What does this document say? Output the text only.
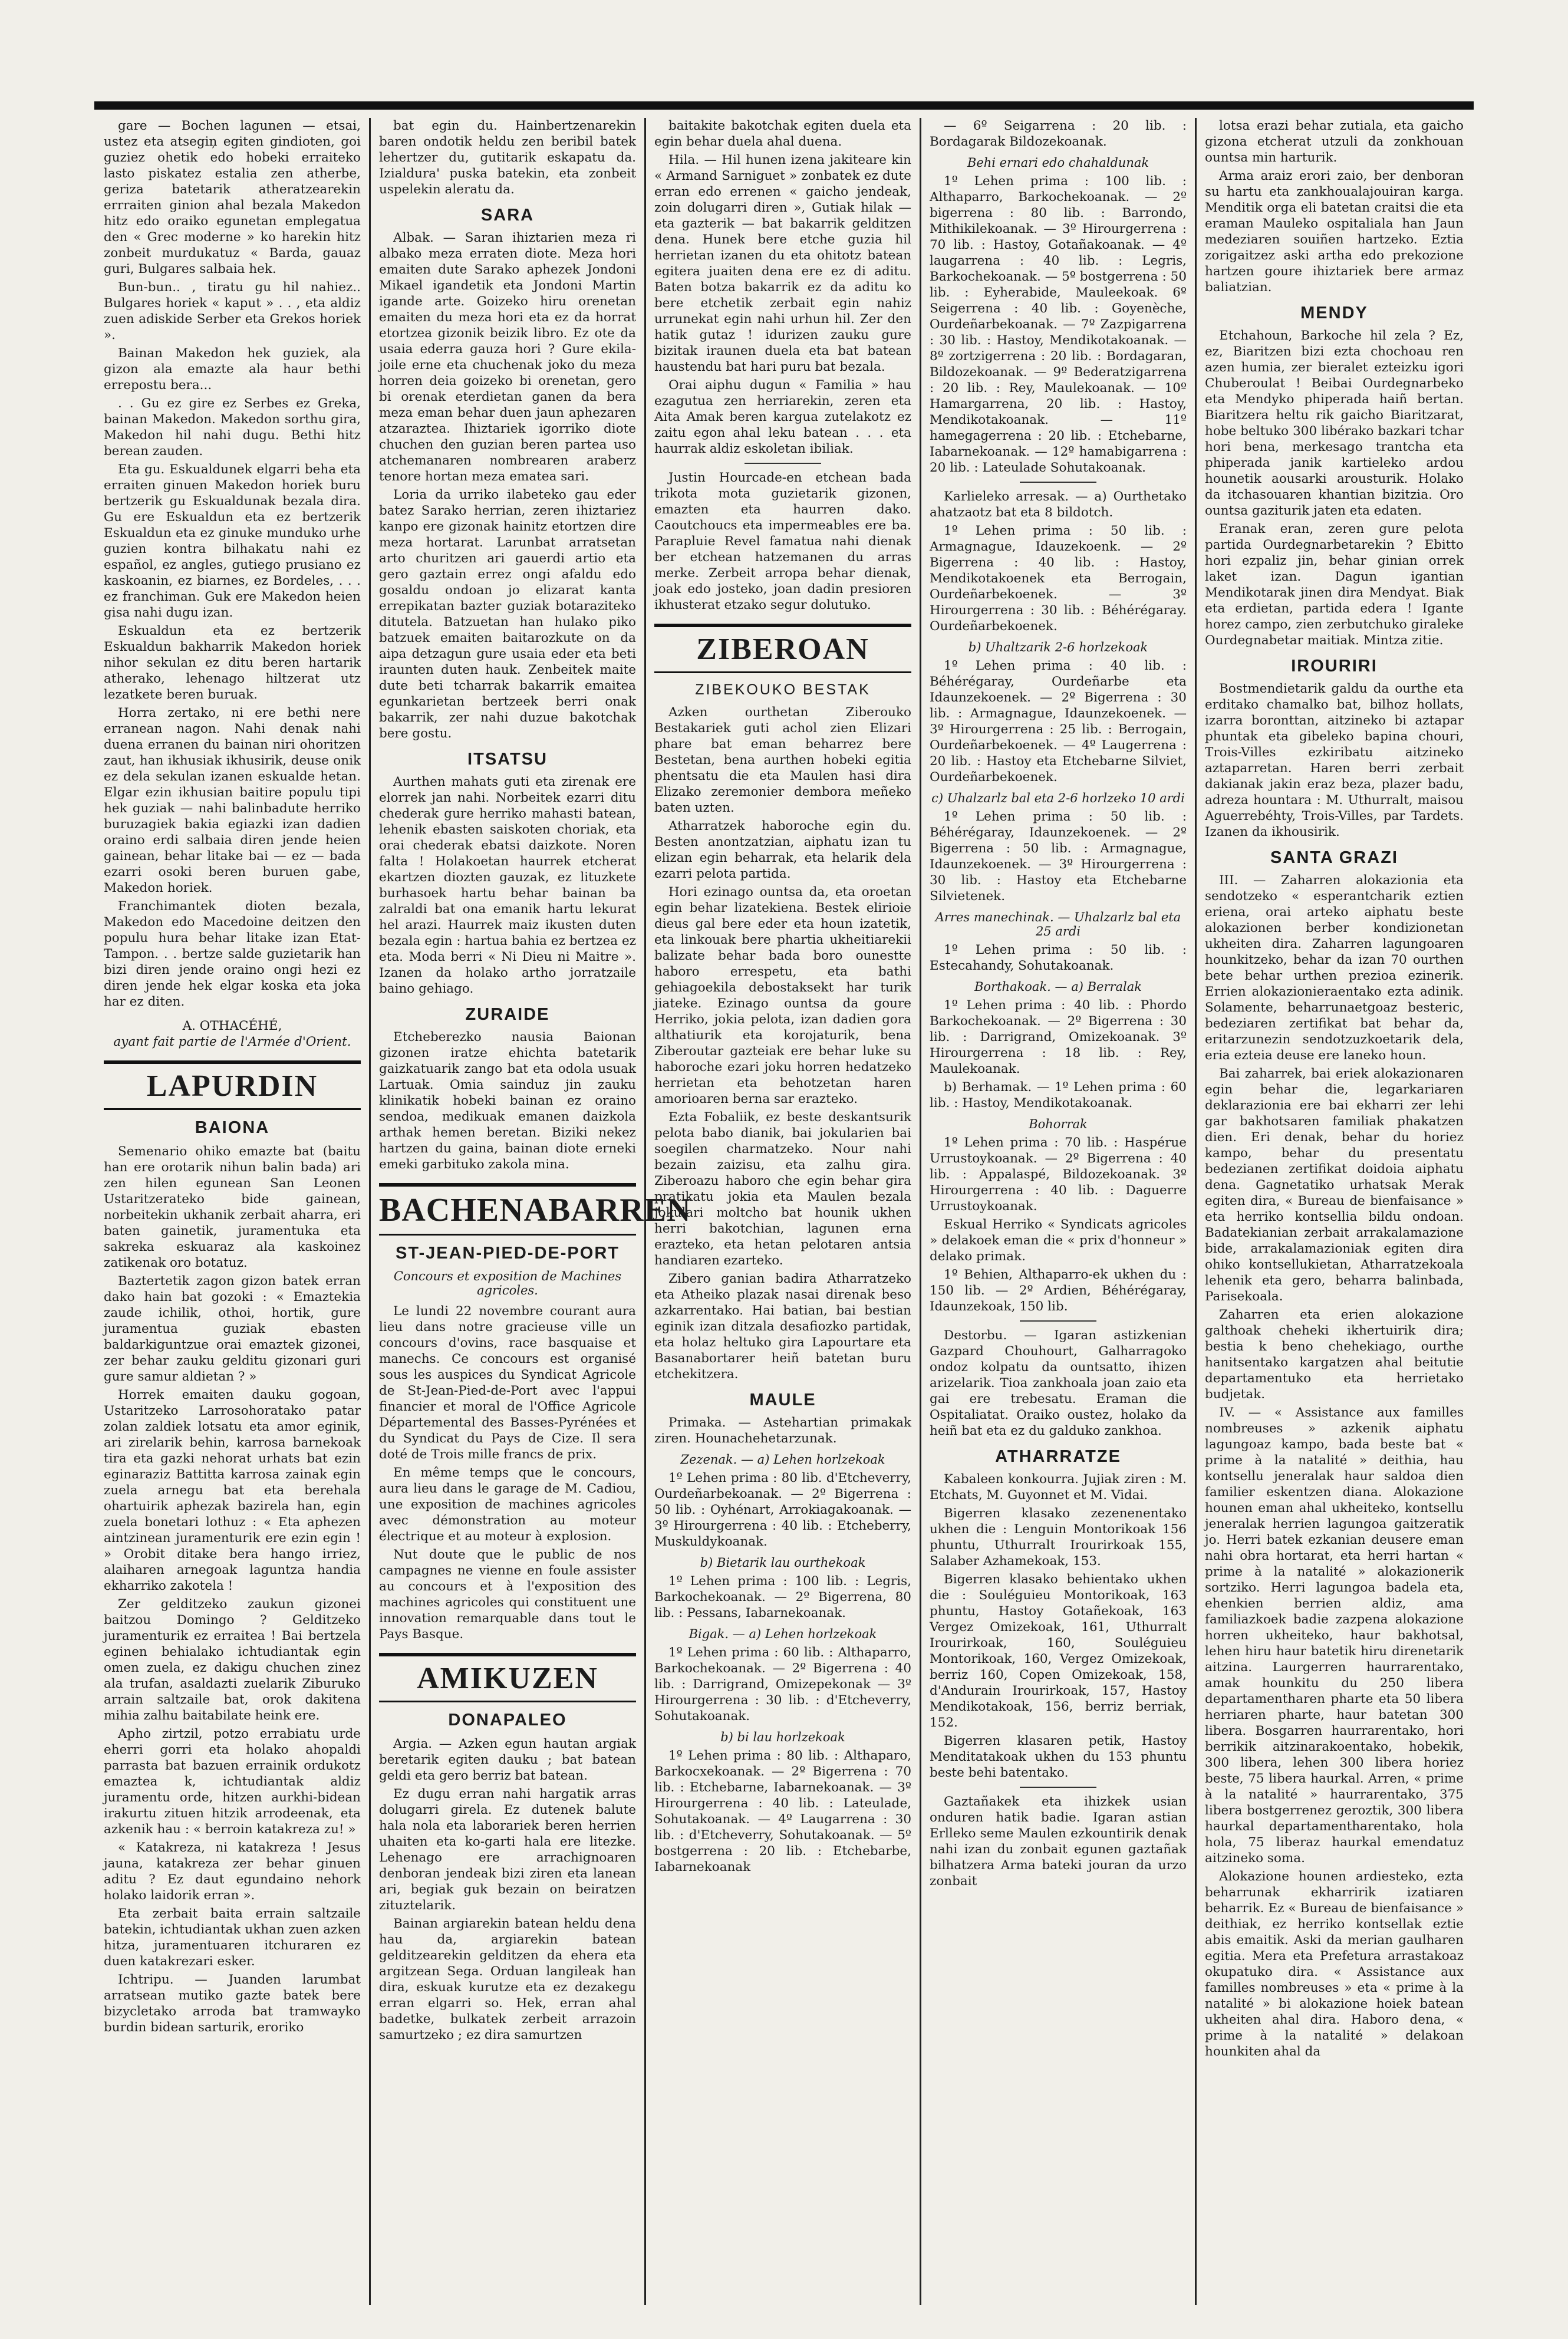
gare — Bochen lagunen — etsai, ustez eta atsegiņ egiten gindioten, goi guziez ohetik edo hobeki erraiteko lasto piskatez estalia zen atherbe, geriza batetarik atheratzearekin errraiten ginion ahal bezala Makedon hitz edo oraiko egunetan emplegatua den « Grec moderne » ko harekin hitz zonbeit murdukatuz « Barda, gauaz guri, Bulgares salbaia hek.

Bun-bun.. , tiratu gu hil nahiez.. Bulgares horiek « kaput » . . , eta aldiz zuen adiskide Serber eta Grekos horiek ».

Bainan Makedon hek guziek, ala gizon ala emazte ala haur bethi errepostu bera...

. . Gu ez gire ez Serbes ez Greka, bainan Makedon. Makedon sorthu gira, Makedon hil nahi dugu. Bethi hitz berean zauden.

Eta gu. Eskualdunek elgarri beha eta erraiten ginuen Makedon horiek buru bertzerik gu Eskualdunak bezala dira. Gu ere Eskualdun eta ez bertzerik Eskualdun eta ez ginuke munduko urhe guzien kontra bilhakatu nahi ez español, ez angles, gutiego prusiano ez kaskoanin, ez biarnes, ez Bordeles, . . . ez franchiman. Guk ere Makedon heien gisa nahi dugu izan.

Eskualdun eta ez bertzerik Eskualdun bakharrik Makedon horiek nihor sekulan ez ditu beren hartarik atherako, lehenago hiltzerat utz lezatkete beren buruak.

Horra zertako, ni ere bethi nere erranean nagon. Nahi denak nahi duena erranen du bainan niri ohoritzen zaut, han ikhusiak ikhusirik, deuse onik ez dela sekulan izanen eskualde hetan. Elgar ezin ikhusian baitire populu tipi hek guziak — nahi balinbadute herriko buruzagiek bakia egiazki izan dadien oraino erdi salbaia diren jende heien gainean, behar litake bai — ez — bada ezarri osoki beren buruen gabe, Makedon horiek.

Franchimantek dioten bezala, Makedon edo Macedoine deitzen den populu hura behar litake izan Etat-Tampon. . . bertze salde guzietarik han bizi diren jende oraino ongi hezi ez diren jende hek elgar koska eta joka har ez diten.

A. OTHACÉHÉ,

ayant fait partie de l'Armée d'Orient.

LAPURDIN
BAIONA

Semenario ohiko emazte bat (baitu han ere orotarik nihun balin bada) ari zen hilen egunean San Leonen Ustaritzerateko bide gainean, norbeitekin ukhanik zerbait aharra, eri baten gainetik, juramentuka eta sakreka eskuaraz ala kaskoinez zatikenak oro botatuz.

Baztertetik zagon gizon batek erran dako hain bat gozoki : « Emaztekia zaude ichilik, othoi, hortik, gure juramentua guziak ebasten baldarkiguntzue orai emaztek gizonei, zer behar zauku gelditu gizonari guri gure samur aldietan ? »

Horrek emaiten dauku gogoan, Ustaritzeko Larrosohoratako patar zolan zaldiek lotsatu eta amor eginik, ari zirelarik behin, karrosa barnekoak tira eta gazki nehorat urhats bat ezin eginaraziz Battitta karrosa zainak egin zuela arnegu bat eta berehala ohartuirik aphezak bazirela han, egin zuela bonetari lothuz : « Eta aphezen aintzinean juramenturik ere ezin egin ! » Orobit ditake bera hango irriez, alaiharen arnegoak laguntza handia ekharriko zakotela !

Zer gelditzeko zaukun gizonei baitzou Domingo ? Gelditzeko juramenturik ez erraitea ! Bai bertzela eginen behialako ichtudiantak egin omen zuela, ez dakigu chuchen zinez ala trufan, asaldazti zuelarik Ziburuko arrain saltzaile bat, orok dakitena mihia zalhu baitabilate heink ere.

Apho zirtzil, potzo errabiatu urde eherri gorri eta holako ahopaldi parrasta bat bazuen errainik ordukotz emaztea k, ichtudiantak aldiz juramentu orde, hitzen aurkhi-bidean irakurtu zituen hitzik arrodeenak, eta azkenik hau : « berroin katakreza zu! »

« Katakreza, ni katakreza ! Jesus jauna, katakreza zer behar ginuen aditu ? Ez daut egundaino nehork holako laidorik erran ».

Eta zerbait baita errain saltzaile batekin, ichtudiantak ukhan zuen azken hitza, juramentuaren itchuraren ez duen katakrezari esker.

Ichtripu. — Juanden larumbat arratsean mutiko gazte batek bere bizycletako arroda bat tramwayko burdin bidean sarturik, eroriko

bat egin du. Hainbertzenarekin baren ondotik heldu zen beribil batek lehertzer du, gutitarik eskapatu da. Izialdura' puska batekin, eta zonbeit uspelekin aleratu da.

SARA

Albak. — Saran ihiztarien meza ri albako meza erraten diote. Meza hori emaiten dute Sarako aphezek Jondoni Mikael igandetik eta Jondoni Martin igande arte. Goizeko hiru orenetan emaiten du meza hori eta ez da horrat etortzea gizonik beizik libro. Ez ote da usaia ederra gauza hori ? Gure ekila-joile erne eta chuchenak joko du meza horren deia goizeko bi orenetan, gero bi orenak eterdietan ganen da bera meza eman behar duen jaun aphezaren atzaraztea. Ihiztariek igorriko diote chuchen den guzian beren partea uso atchemanaren nombrearen araberz tenore hortan meza ematea sari.

Loria da urriko ilabeteko gau eder batez Sarako herrian, zeren ihiztariez kanpo ere gizonak hainitz etortzen dire meza hortarat. Larunbat arratsetan arto churitzen ari gauerdi artio eta gero gaztain errez ongi afaldu edo gosaldu ondoan jo elizarat kanta errepikatan bazter guziak botaraziteko ditutela. Batzuetan han hulako piko batzuek emaiten baitarozkute on da aipa detzagun gure usaia eder eta beti iraunten duten hauk. Zenbeitek maite dute beti tcharrak bakarrik emaitea egunkarietan bertzeek berri onak bakarrik, zer nahi duzue bakotchak bere gostu.

ITSATSU

Aurthen mahats guti eta zirenak ere elorrek jan nahi. Norbeitek ezarri ditu chederak gure herriko mahasti batean, lehenik ebasten saiskoten choriak, eta orai chederak ebatsi daizkote. Noren falta ! Holakoetan haurrek etcherat ekartzen diozten gauzak, ez lituzkete burhasoek hartu behar bainan ba zalraldi bat ona emanik hartu lekurat hel arazi. Haurrek maiz ikusten duten bezala egin : hartua bahia ez bertzea ez eta. Moda berri « Ni Dieu ni Maitre ». Izanen da holako artho jorratzaile baino gehiago.

ZURAIDE

Etcheberezko nausia Baionan gizonen iratze ehichta batetarik gaizkatuarik zango bat eta odola usuak Lartuak. Omia sainduz jin zauku klinikatik hobeki bainan ez oraino sendoa, medikuak emanen daizkola arthak hemen beretan. Biziki nekez hartzen du gaina, bainan diote erneki emeki garbituko zakola mina.

BACHENABARREN
ST-JEAN-PIED-DE-PORT
Concours et exposition de Machines agricoles.

Le lundi 22 novembre courant aura lieu dans notre gracieuse ville un concours d'ovins, race basquaise et manechs. Ce concours est organisé sous les auspices du Syndicat Agricole de St-Jean-Pied-de-Port avec l'appui financier et moral de l'Office Agricole Départemental des Basses-Pyrénées et du Syndicat du Pays de Cize. Il sera doté de Trois mille francs de prix.

En même temps que le concours, aura lieu dans le garage de M. Cadiou, une exposition de machines agricoles avec démonstration au moteur électrique et au moteur à explosion.

Nut doute que le public de nos campagnes ne vienne en foule assister au concours et à l'exposition des machines agricoles qui constituent une innovation remarquable dans tout le Pays Basque.

AMIKUZEN
DONAPALEO

Argia. — Azken egun hautan argiak beretarik egiten dauku ; bat batean geldi eta gero berriz bat batean.

Ez dugu erran nahi hargatik arras dolugarri girela. Ez dutenek balute hala nola eta laborariek beren herrien uhaiten eta ko-garti hala ere litezke. Lehenago ere arrachignoaren denboran jendeak bizi ziren eta lanean ari, begiak guk bezain on beiratzen zituztelarik.

Bainan argiarekin batean heldu dena hau da, argiarekin batean gelditzearekin gelditzen da ehera eta argitzean Sega. Orduan langileak han dira, eskuak kurutze eta ez dezakegu erran elgarri so. Hek, erran ahal badetke, bulkatek zerbeit arrazoin samurtzeko ; ez dira samurtzen

baitakite bakotchak egiten duela eta egin behar duela ahal duena.

Hila. — Hil hunen izena jakiteare kin « Armand Sarniguet » zonbatek ez dute erran edo errenen « gaicho jendeak, zoin dolugarri diren », Gutiak hilak — eta gazterik — bat bakarrik gelditzen dena. Hunek bere etche guzia hil herrietan izanen du eta ohitotz batean egitera juaiten dena ere ez di aditu. Baten botza bakarrik ez da aditu ko bere etchetik zerbait egin nahiz urrunekat egin nahi urhun hil. Zer den hatik gutaz ! idurizen zauku gure bizitak iraunen duela eta bat batean haustendu bat hari puru bat bezala.

Orai aiphu dugun « Familia » hau ezagutua zen herriarekin, zeren eta Aita Amak beren kargua zutelakotz ez zaitu egon ahal leku batean . . . eta haurrak aldiz eskoletan ibiliak.

Justin Hourcade-en etchean bada trikota mota guzietarik gizonen, emazten eta haurren dako. Caoutchoucs eta impermeables ere ba. Parapluie Revel famatua nahi dienak ber etchean hatzemanen du arras merke. Zerbeit arropa behar dienak, joak edo josteko, joan dadin presioren ikhusterat etzako segur dolutuko.

ZIBEROAN
ZIBEKOUKO BESTAK

Azken ourthetan Ziberouko Bestakariek guti achol zien Elizari phare bat eman beharrez bere Bestetan, bena aurthen hobeki egitia phentsatu die eta Maulen hasi dira Elizako zeremonier dembora meñeko baten uzten.

Atharratzek haboroche egin du. Besten anontzatzian, aiphatu izan tu elizan egin beharrak, eta helarik dela ezarri pelota partida.

Hori ezinago ountsa da, eta oroetan egin behar lizatekiena. Bestek elirioie dieus gal bere eder eta houn izatetik, eta linkouak bere phartia ukheitiarekii balizate behar bada boro ounestte haboro errespetu, eta bathi gehiagoekila debostaksekt har turik jiateke. Ezinago ountsa da goure Herriko, jokia pelota, izan dadien gora althatiurik eta korojaturik, bena Ziberoutar gazteiak ere behar luke su haboroche ezari joku horren hedatzeko herrietan eta behotzetan haren amorioaren berna sar erazteko.

Ezta Fobaliik, ez beste deskantsurik pelota babo dianik, bai jokularien bai soegilen charmatzeko. Nour nahi bezain zaizisu, eta zalhu gira. Ziberoazu haboro che egin behar gira pratikatu jokia eta Maulen bezala jokulari moltcho bat hounik ukhen herri bakotchian, lagunen erna erazteko, eta hetan pelotaren antsia handiaren ezarteko.

Zibero ganian badira Atharratzeko eta Atheiko plazak nasai direnak beso azkarrentako. Hai batian, bai bestian eginik izan ditzala desafiozko partidak, eta holaz heltuko gira Lapourtare eta Basanabortarer heiñ batetan buru etchekitzera.

MAULE

Primaka. — Astehartian primakak ziren. Hounachehetarzunak.

Zezenak. — a) Lehen horlzekoak

1º Lehen prima : 80 lib. d'Etcheverry, Ourdeñarbekoanak. — 2º Bigerrena : 50 lib. : Oyhénart, Arrokiagakoanak. — 3º Hirourgerrena : 40 lib. : Etcheberry, Muskuldykoanak.

b) Bietarik lau ourthekoak

1º Lehen prima : 100 lib. : Legris, Barkochekoanak. — 2º Bigerrena, 80 lib. : Pessans, Iabarnekoanak.

Bigak. — a) Lehen horlzekoak

1º Lehen prima : 60 lib. : Althaparro, Barkochekoanak. — 2º Bigerrena : 40 lib. : Darrigrand, Omizepekonak — 3º Hirourgerrena : 30 lib. : d'Etcheverry, Sohutakoanak.

b) bi lau horlzekoak

1º Lehen prima : 80 lib. : Althaparo, Barkocxekoanak. — 2º Bigerrena : 70 lib. : Etchebarne, Iabarnekoanak. — 3º Hirourgerrena : 40 lib. : Lateulade, Sohutakoanak. — 4º Laugarrena : 30 lib. : d'Etcheverry, Sohutakoanak. — 5º bostgerrena : 20 lib. : Etchebarbe, Iabarnekoanak

— 6º Seigarrena : 20 lib. : Bordagarak Bildozekoanak.

Behi ernari edo chahaldunak

1º Lehen prima : 100 lib. : Althaparro, Barkochekoanak. — 2º bigerrena : 80 lib. : Barrondo, Mithikilekoanak. — 3º Hirourgerrena : 70 lib. : Hastoy, Gotañakoanak. — 4º laugarrena : 40 lib. : Legris, Barkochekoanak. — 5º bostgerrena : 50 lib. : Eyherabide, Mauleekoak. 6º Seigerrena : 40 lib. : Goyenèche, Ourdeñarbekoanak. — 7º Zazpigarrena : 30 lib. : Hastoy, Mendikotakoanak. — 8º zortzigerrena : 20 lib. : Bordagaran, Bildozekoanak. — 9º Bederatzigarrena : 20 lib. : Rey, Maulekoanak. — 10º Hamargarrena, 20 lib. : Hastoy, Mendikotakoanak. — 11º hamegagerrena : 20 lib. : Etchebarne, Iabarnekoanak. — 12º hamabigarrena : 20 lib. : Lateulade Sohutakoanak.

Karlieleko arresak. — a) Ourthetako ahatzaotz bat eta 8 bildotch.

1º Lehen prima : 50 lib. : Armagnague, Idauzekoenk. — 2º Bigerrena : 40 lib. : Hastoy, Mendikotakoenek eta Berrogain, Ourdeñarbekoenek. — 3º Hirourgerrena : 30 lib. : Béhérégaray. Ourdeñarbekoenek.

b) Uhaltzarik 2-6 horlzekoak

1º Lehen prima : 40 lib. : Béhérégaray, Ourdeñarbe eta Idaunzekoenek. — 2º Bigerrena : 30 lib. : Armagnague, Idaunzekoenek. — 3º Hirourgerrena : 25 lib. : Berrogain, Ourdeñarbekoenek. — 4º Laugerrena : 20 lib. : Hastoy eta Etchebarne Silviet, Ourdeñarbekoenek.

c) Uhalzarlz bal eta 2-6 horlzeko 10 ardi

1º Lehen prima : 50 lib. : Béhérégaray, Idaunzekoenek. — 2º Bigerrena : 50 lib. : Armagnague, Idaunzekoenek. — 3º Hirourgerrena : 30 lib. : Hastoy eta Etchebarne Silvietenek.

Arres manechinak. — Uhalzarlz bal eta 25 ardi

1º Lehen prima : 50 lib. : Estecahandy, Sohutakoanak.

Borthakoak. — a) Berralak

1º Lehen prima : 40 lib. : Phordo Barkochekoanak. — 2º Bigerrena : 30 lib. : Darrigrand, Omizekoanak. 3º Hirourgerrena : 18 lib. : Rey, Maulekoanak.

b) Berhamak. — 1º Lehen prima : 60 lib. : Hastoy, Mendikotakoanak.

Bohorrak

1º Lehen prima : 70 lib. : Haspérue Urrustoykoanak. — 2º Bigerrena : 40 lib. : Appalaspé, Bildozekoanak. 3º Hirourgerrena : 40 lib. : Daguerre Urrustoykoanak.

Eskual Herriko « Syndicats agricoles » delakoek eman die « prix d'honneur » delako primak.

1º Behien, Althaparro-ek ukhen du : 150 lib. — 2º Ardien, Béhérégaray, Idaunzekoak, 150 lib.

Destorbu. — Igaran astizkenian Gazpard Chouhourt, Galharragoko ondoz kolpatu da ountsatto, ihizen arizelarik. Tioa zankhoala joan zaio eta gai ere trebesatu. Eraman die Ospitaliatat. Oraiko oustez, holako da heiñ bat eta ez du galduko zankhoa.

ATHARRATZE

Kabaleen konkourra. Jujiak ziren : M. Etchats, M. Guyonnet et M. Vidai.

Bigerren klasako zezenenentako ukhen die : Lenguin Montorikoak 156 phuntu, Uthurralt Irourirkoak 155, Salaber Azhamekoak, 153.

Bigerren klasako behientako ukhen die : Souléguieu Montorikoak, 163 phuntu, Hastoy Gotañekoak, 163 Vergez Omizekoak, 161, Uthurralt Irourirkoak, 160, Souléguieu Montorikoak, 160, Vergez Omizekoak, berriz 160, Copen Omizekoak, 158, d'Andurain Irourirkoak, 157, Hastoy Mendikotakoak, 156, berriz berriak, 152.

Bigerren klasaren petik, Hastoy Menditatakoak ukhen du 153 phuntu beste behi batentako.

Gaztañakek eta ihizkek usian onduren hatik badie. Igaran astian Erlleko seme Maulen ezkountirik denak nahi izan du zonbait egunen gaztañak bilhatzera Arma bateki jouran da urzo zonbait

lotsa erazi behar zutiala, eta gaicho gizona etcherat utzuli da zonkhouan ountsa min harturik.

Arma araiz erori zaio, ber denboran su hartu eta zankhoualajouiran karga. Menditik orga eli batetan craitsi die eta eraman Mauleko ospitaliala han Jaun medeziaren souiñen hartzeko. Eztia zorigaitzez aski artha edo prekozione hartzen goure ihiztariek bere armaz baliatzian.

MENDY

Etchahoun, Barkoche hil zela ? Ez, ez, Biaritzen bizi ezta chochoau ren azen humia, zer bieralet ezteizku igori Chuberoulat ! Beibai Ourdegnarbeko eta Mendyko phiperada haiñ bertan. Biaritzera heltu rik gaicho Biaritzarat, hobe beltuko 300 libérako bazkari tchar hori bena, merkesago trantcha eta phiperada janik kartieleko ardou hounetik aousarki arousturik. Holako da itchasouaren khantian bizitzia. Oro ountsa gaziturik jaten eta edaten.

Eranak eran, zeren gure pelota partida Ourdegnarbetarekin ? Ebitto hori ezpaliz jin, behar ginian orrek laket izan. Dagun igantian Mendikotarak jinen dira Mendyat. Biak eta erdietan, partida edera ! Igante horez campo, zien zerbutchuko giraleke Ourdegnabetar maitiak. Mintza zitie.

IROURIRI

Bostmendietarik galdu da ourthe eta erditako chamalko bat, bilhoz hollats, izarra boronttan, aitzineko bi aztapar phuntak eta gibeleko bapina chouri, Trois-Villes ezkiribatu aitzineko aztaparretan. Haren berri zerbait dakianak jakin eraz beza, plazer badu, adreza hountara : M. Uthurralt, maisou Aguerrebéhty, Trois-Villes, par Tardets. Izanen da ikhousirik.

SANTA GRAZI

III. — Zaharren alokazionia eta sendotzeko « esperantcharik eztien eriena, orai arteko aiphatu beste alokazionen berber kondizionetan ukheiten dira. Zaharren lagungoaren hounkitzeko, behar da izan 70 ourthen bete behar urthen prezioa ezinerik. Errien alokazionieraentako ezta adinik. Solamente, beharrunaetgoaz besteric, bedeziaren zertifikat bat behar da, eritarzunezin sendotzuzkoetarik dela, eria ezteia deuse ere laneko houn.

Bai zaharrek, bai eriek alokazionaren egin behar die, legarkariaren deklarazionia ere bai ekharri zer lehi gar bakhotsaren familiak phakatzen dien. Eri denak, behar du horiez kampo, behar du presentatu bedezianen zertifikat doidoia aiphatu dena. Gagnetatiko urhatsak Merak egiten dira, « Bureau de bienfaisance » eta herriko kontsellia bildu ondoan. Badatekianian zerbait arrakalamazione bide, arrakalamazioniak egiten dira ohiko kontsellukietan, Atharratzekoala lehenik eta gero, beharra balinbada, Parisekoala.

Zaharren eta erien alokazione galthoak cheheki ikhertuirik dira; bestia k beno chehekiago, ourthe hanitsentako kargatzen ahal beitutie departamentuko eta herrietako budjetak.

IV. — « Assistance aux familles nombreuses » azkenik aiphatu lagungoaz kampo, bada beste bat « prime à la natalité » deithia, hau kontsellu jeneralak haur saldoa dien familier eskentzen diana. Alokazione hounen eman ahal ukheiteko, kontsellu jeneralak herrien lagungoa gaitzeratik jo. Herri batek ezkanian deusere eman nahi obra hortarat, eta herri hartan « prime à la natalité » alokazionerik sortziko. Herri lagungoa badela eta, ehenkien berrien aldiz, ama familiazkoek badie zazpena alokazione horren ukheiteko, haur bakhotsal, lehen hiru haur batetik hiru direnetarik aitzina. Laurgerren haurrarentako, amak hounkitu du 250 libera departamentharen pharte eta 50 libera herriaren pharte, haur batetan 300 libera. Bosgarren haurrarentako, hori berrikik aitzinarakoentako, hobekik, 300 libera, lehen 300 libera horiez beste, 75 libera haurkal. Arren, « prime à la natalité » haurrarentako, 375 libera bostgerrenez geroztik, 300 libera haurkal departamentharentako, hola hola, 75 liberaz haurkal emendatuz aitzineko soma.

Alokazione hounen ardiesteko, ezta beharrunak ekharririk izatiaren beharrik. Ez « Bureau de bienfaisance » deithiak, ez herriko kontsellak eztie abis emaitik. Aski da merian gaulharen egitia. Mera eta Prefetura arrastakoaz okupatuko dira. « Assistance aux familles nombreuses » eta « prime à la natalité » bi alokazione hoiek batean ukheiten ahal dira. Haboro dena, « prime à la natalité » delakoan hounkiten ahal da
